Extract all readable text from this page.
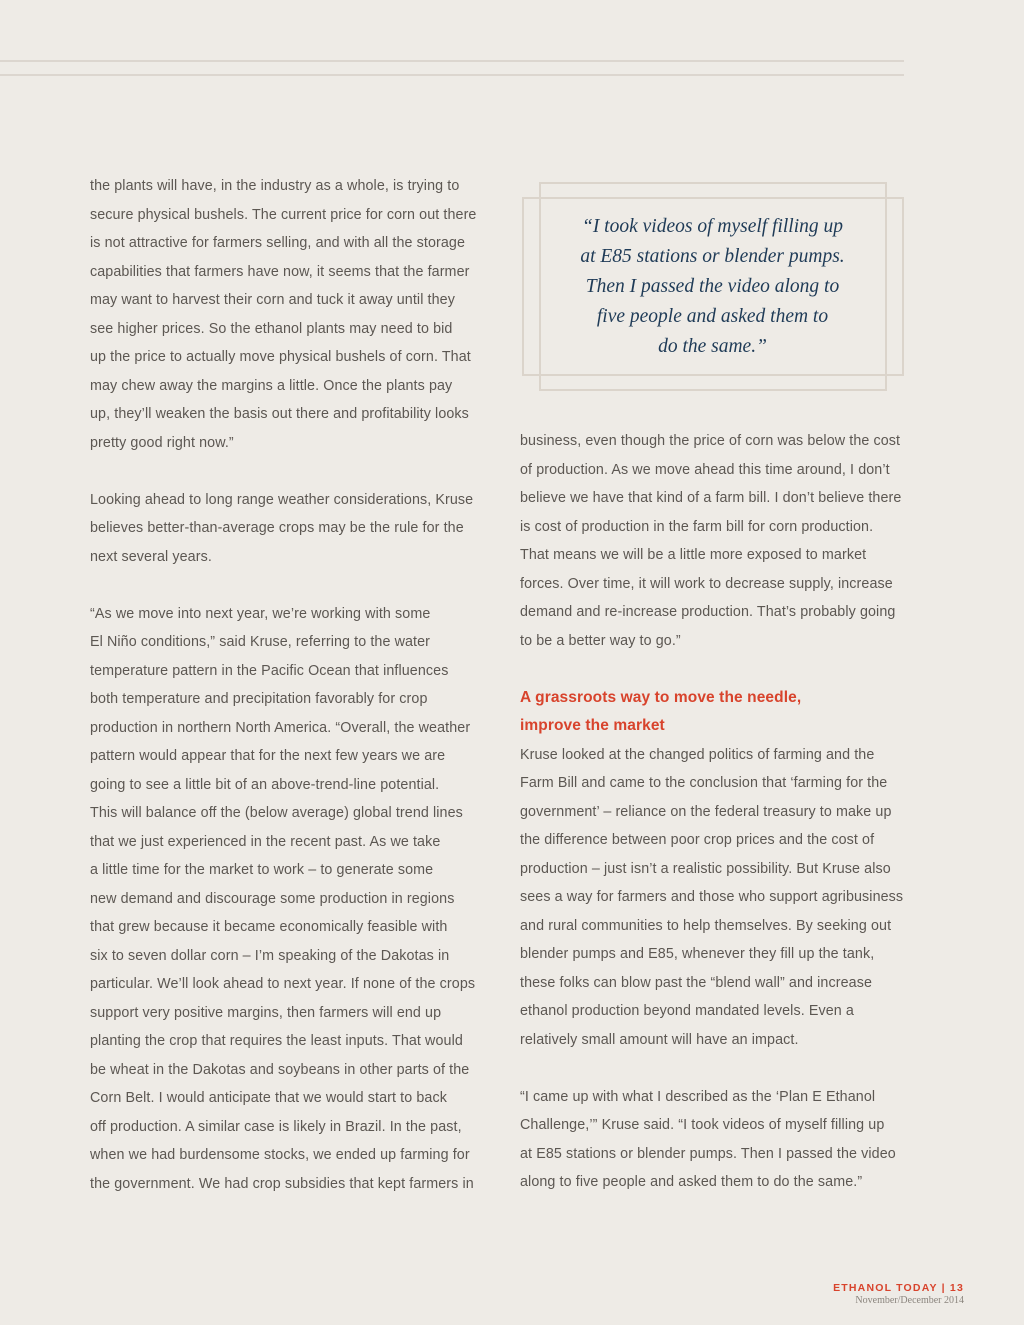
the plants will have, in the industry as a whole, is trying to
secure physical bushels. The current price for corn out there
is not attractive for farmers selling, and with all the storage
capabilities that farmers have now, it seems that the farmer
may want to harvest their corn and tuck it away until they
see higher prices. So the ethanol plants may need to bid
up the price to actually move physical bushels of corn. That
may chew away the margins a little. Once the plants pay
up, they’ll weaken the basis out there and profitability looks
pretty good right now.”
Looking ahead to long range weather considerations, Kruse
believes better-than-average crops may be the rule for the
next several years.
“As we move into next year, we’re working with some
El Niño conditions,” said Kruse, referring to the water
temperature pattern in the Pacific Ocean that influences
both temperature and precipitation favorably for crop
production in northern North America. “Overall, the weather
pattern would appear that for the next few years we are
going to see a little bit of an above-trend-line potential.
This will balance off the (below average) global trend lines
that we just experienced in the recent past. As we take
a little time for the market to work – to generate some
new demand and discourage some production in regions
that grew because it became economically feasible with
six to seven dollar corn – I’m speaking of the Dakotas in
particular. We’ll look ahead to next year. If none of the crops
support very positive margins, then farmers will end up
planting the crop that requires the least inputs. That would
be wheat in the Dakotas and soybeans in other parts of the
Corn Belt. I would anticipate that we would start to back
off production. A similar case is likely in Brazil. In the past,
when we had burdensome stocks, we ended up farming for
the government. We had crop subsidies that kept farmers in
“I took videos of myself filling up
at E85 stations or blender pumps.
Then I passed the video along to
five people and asked them to
do the same.”
business, even though the price of corn was below the cost
of production. As we move ahead this time around, I don’t
believe we have that kind of a farm bill. I don’t believe there
is cost of production in the farm bill for corn production.
That means we will be a little more exposed to market
forces. Over time, it will work to decrease supply, increase
demand and re-increase production. That’s probably going
to be a better way to go.”
A grassroots way to move the needle,
improve the market
Kruse looked at the changed politics of farming and the
Farm Bill and came to the conclusion that ‘farming for the
government’ – reliance on the federal treasury to make up
the difference between poor crop prices and the cost of
production – just isn’t a realistic possibility. But Kruse also
sees a way for farmers and those who support agribusiness
and rural communities to help themselves. By seeking out
blender pumps and E85, whenever they fill up the tank,
these folks can blow past the “blend wall” and increase
ethanol production beyond mandated levels. Even a
relatively small amount will have an impact.
“I came up with what I described as the ‘Plan E Ethanol
Challenge,’” Kruse said. “I took videos of myself filling up
at E85 stations or blender pumps. Then I passed the video
along to five people and asked them to do the same.”
ETHANOL TODAY | 13
November/December 2014
